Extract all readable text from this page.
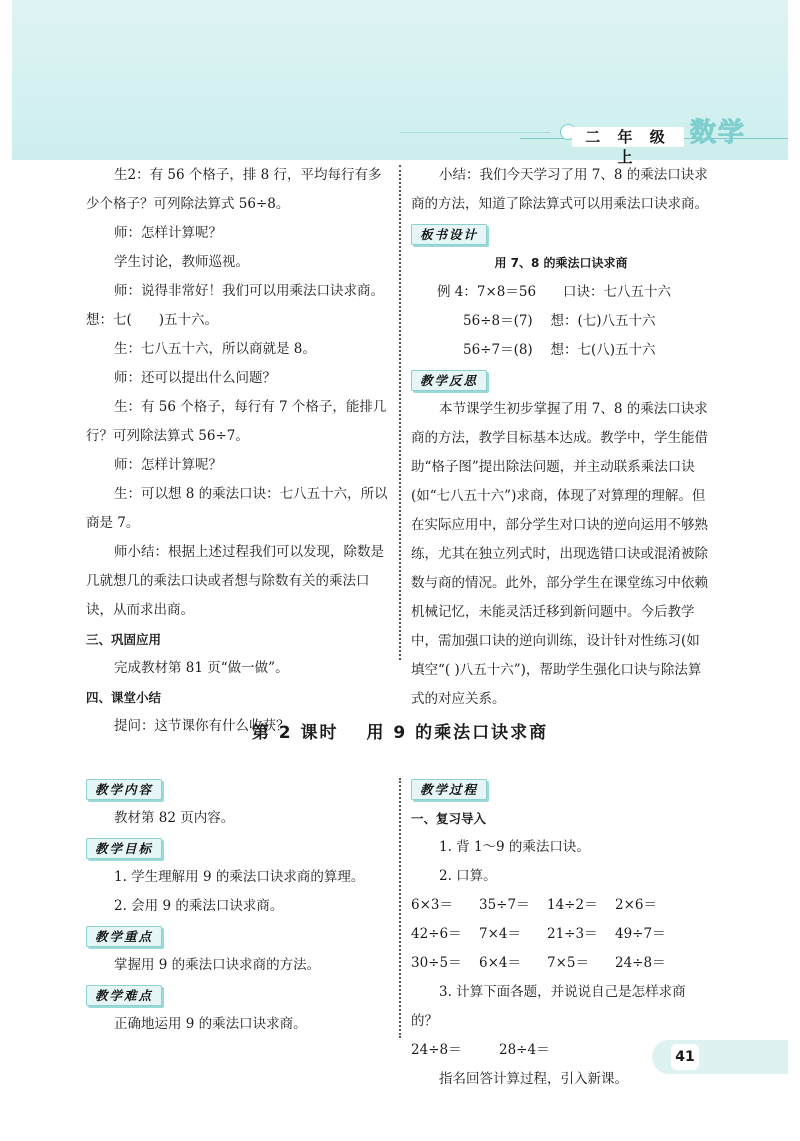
二 年 级 上
数学

生2：有 56 个格子，排 8 行，平均每行有多少个格子？可列除法算式 56÷8。

师：怎样计算呢？

学生讨论，教师巡视。

师：说得非常好！我们可以用乘法口诀求商。想：七(　　)五十六。

生：七八五十六，所以商就是 8。

师：还可以提出什么问题？

生：有 56 个格子，每行有 7 个格子，能排几行？可列除法算式 56÷7。

师：怎样计算呢？

生：可以想 8 的乘法口诀：七八五十六，所以商是 7。

师小结：根据上述过程我们可以发现，除数是几就想几的乘法口诀或者想与除数有关的乘法口诀，从而求出商。

三、巩固应用

完成教材第 81 页“做一做”。

四、课堂小结

提问：这节课你有什么收获？

小结：我们今天学习了用 7、8 的乘法口诀求商的方法，知道了除法算式可以用乘法口诀求商。

板书设计

用 7、8 的乘法口诀求商

例 4：7×8＝56　　口诀：七八五十六

56÷8＝(7)　 想：(七)八五十六

56÷7＝(8)　 想：七(八)五十六

教学反思

本节课学生初步掌握了用 7、8 的乘法口诀求商的方法，教学目标基本达成。教学中，学生能借助“格子图”提出除法问题，并主动联系乘法口诀(如“七八五十六”)求商，体现了对算理的理解。但在实际应用中，部分学生对口诀的逆向运用不够熟练，尤其在独立列式时，出现选错口诀或混淆被除数与商的情况。此外，部分学生在课堂练习中依赖机械记忆，未能灵活迁移到新问题中。今后教学中，需加强口诀的逆向训练，设计针对性练习(如填空“( )八五十六”)，帮助学生强化口诀与除法算式的对应关系。

第 2 课时 用 9 的乘法口诀求商
教学内容

教材第 82 页内容。

教学目标

1. 学生理解用 9 的乘法口诀求商的算理。

2. 会用 9 的乘法口诀求商。

教学重点

掌握用 9 的乘法口诀求商的方法。

教学难点

正确地运用 9 的乘法口诀求商。

教学过程

一、复习导入

1. 背 1～9 的乘法口诀。

2. 口算。

6×3＝	35÷7＝	14÷2＝	2×6＝
42÷6＝	7×4＝	21÷3＝	49÷7＝
30÷5＝	6×4＝	7×5＝	24÷8＝

3. 计算下面各题，并说说自己是怎样求商的？

24÷8＝	28÷4＝

指名回答计算过程，引入新课。

41
